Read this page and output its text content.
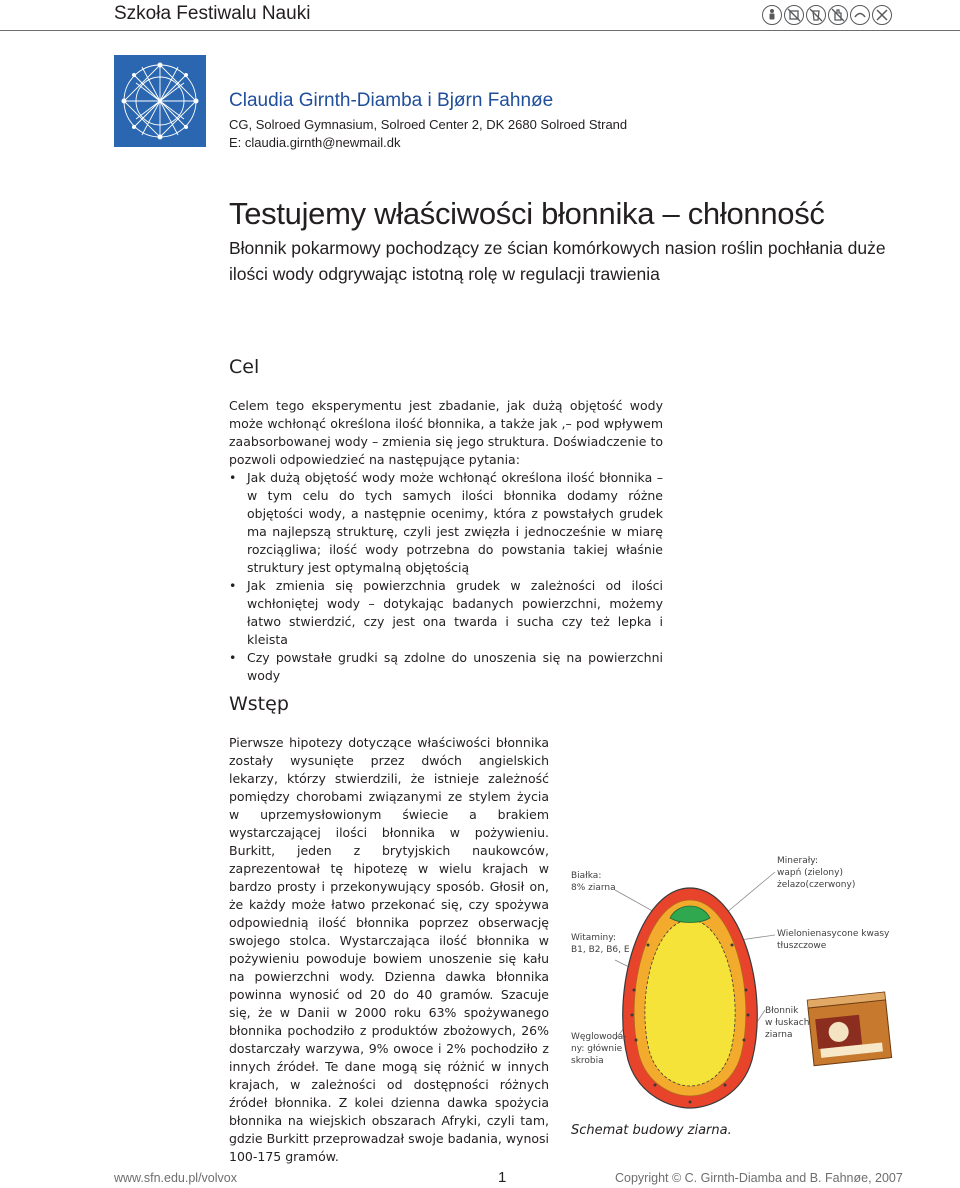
Szkoła Festiwalu Nauki
Claudia Girnth-Diamba i Bjørn Fahnøe
CG, Solroed Gymnasium, Solroed Center 2, DK 2680 Solroed Strand
E: claudia.girnth@newmail.dk
Testujemy właściwości błonnika – chłonność
Błonnik pokarmowy pochodzący ze ścian komórkowych nasion roślin pochłania duże ilości wody odgrywając istotną rolę w regulacji trawienia
Cel

Celem tego eksperymentu jest zbadanie, jak dużą objętość wody może wchłonąć określona ilość błonnika, a także jak ,– pod wpływem zaabsorbowanej wody – zmienia się jego struktura. Doświadczenie to pozwoli odpowiedzieć na następujące pytania:

• Jak dużą objętość wody może wchłonąć określona ilość błonnika – w tym celu do tych samych ilości błonnika dodamy różne objętości wody, a następnie ocenimy, która z powstałych grudek ma najlepszą strukturę, czyli jest zwięzła i jednocześnie w miarę rozciągliwa; ilość wody potrzebna do powstania takiej właśnie struktury jest optymalną objętością
• Jak zmienia się powierzchnia grudek w zależności od ilości wchłoniętej wody – dotykając badanych powierzchni, możemy łatwo stwierdzić, czy jest ona twarda i sucha czy też lepka i kleista
• Czy powstałe grudki są zdolne do unoszenia się na powierzchni wody
Wstęp

Pierwsze hipotezy dotyczące właściwości błonnika zostały wysunięte przez dwóch angielskich lekarzy, którzy stwierdzili, że istnieje zależność pomiędzy chorobami związanymi ze stylem życia w uprzemysłowionym świecie a brakiem wystarczającej ilości błonnika w pożywieniu. Burkitt, jeden z brytyjskich naukowców, zaprezentował tę hipotezę w wielu krajach w bardzo prosty i przekonywujący sposób. Głosił on, że każdy może łatwo przekonać się, czy spożywa odpowiednią ilość błonnika poprzez obserwację swojego stolca. Wystarczająca ilość błonnika w pożywieniu powoduje bowiem unoszenie się kału na powierzchni wody. Dzienna dawka błonnika powinna wynosić od 20 do 40 gramów. Szacuje się, że w Danii w 2000 roku 63% spożywanego błonnika pochodziło z produktów zbożowych, 26% dostarczały warzywa, 9% owoce i 2% pochodziło z innych źródeł. Te dane mogą się różnić w innych krajach, w zależności od dostępności różnych źródeł błonnika. Z kolei dzienna dawka spożycia błonnika na wiejskich obszarach Afryki, czyli tam, gdzie Burkitt przeprowadzał swoje badania, wynosi 100-175 gramów.

Białka:
8% ziarna
Witaminy:
B1, B2, B6, E
Węglowoda-
ny: głównie
skrobia
Minerały:
wapń (zielony)
żelazo(czerwony)
Wielonienasycone kwasy
tłuszczowe
Błonnik
w łuskach
ziarna
Schemat budowy ziarna.
www.sfn.edu.pl/volvox	1	Copyright © C. Girnth-Diamba and B. Fahnøe, 2007
